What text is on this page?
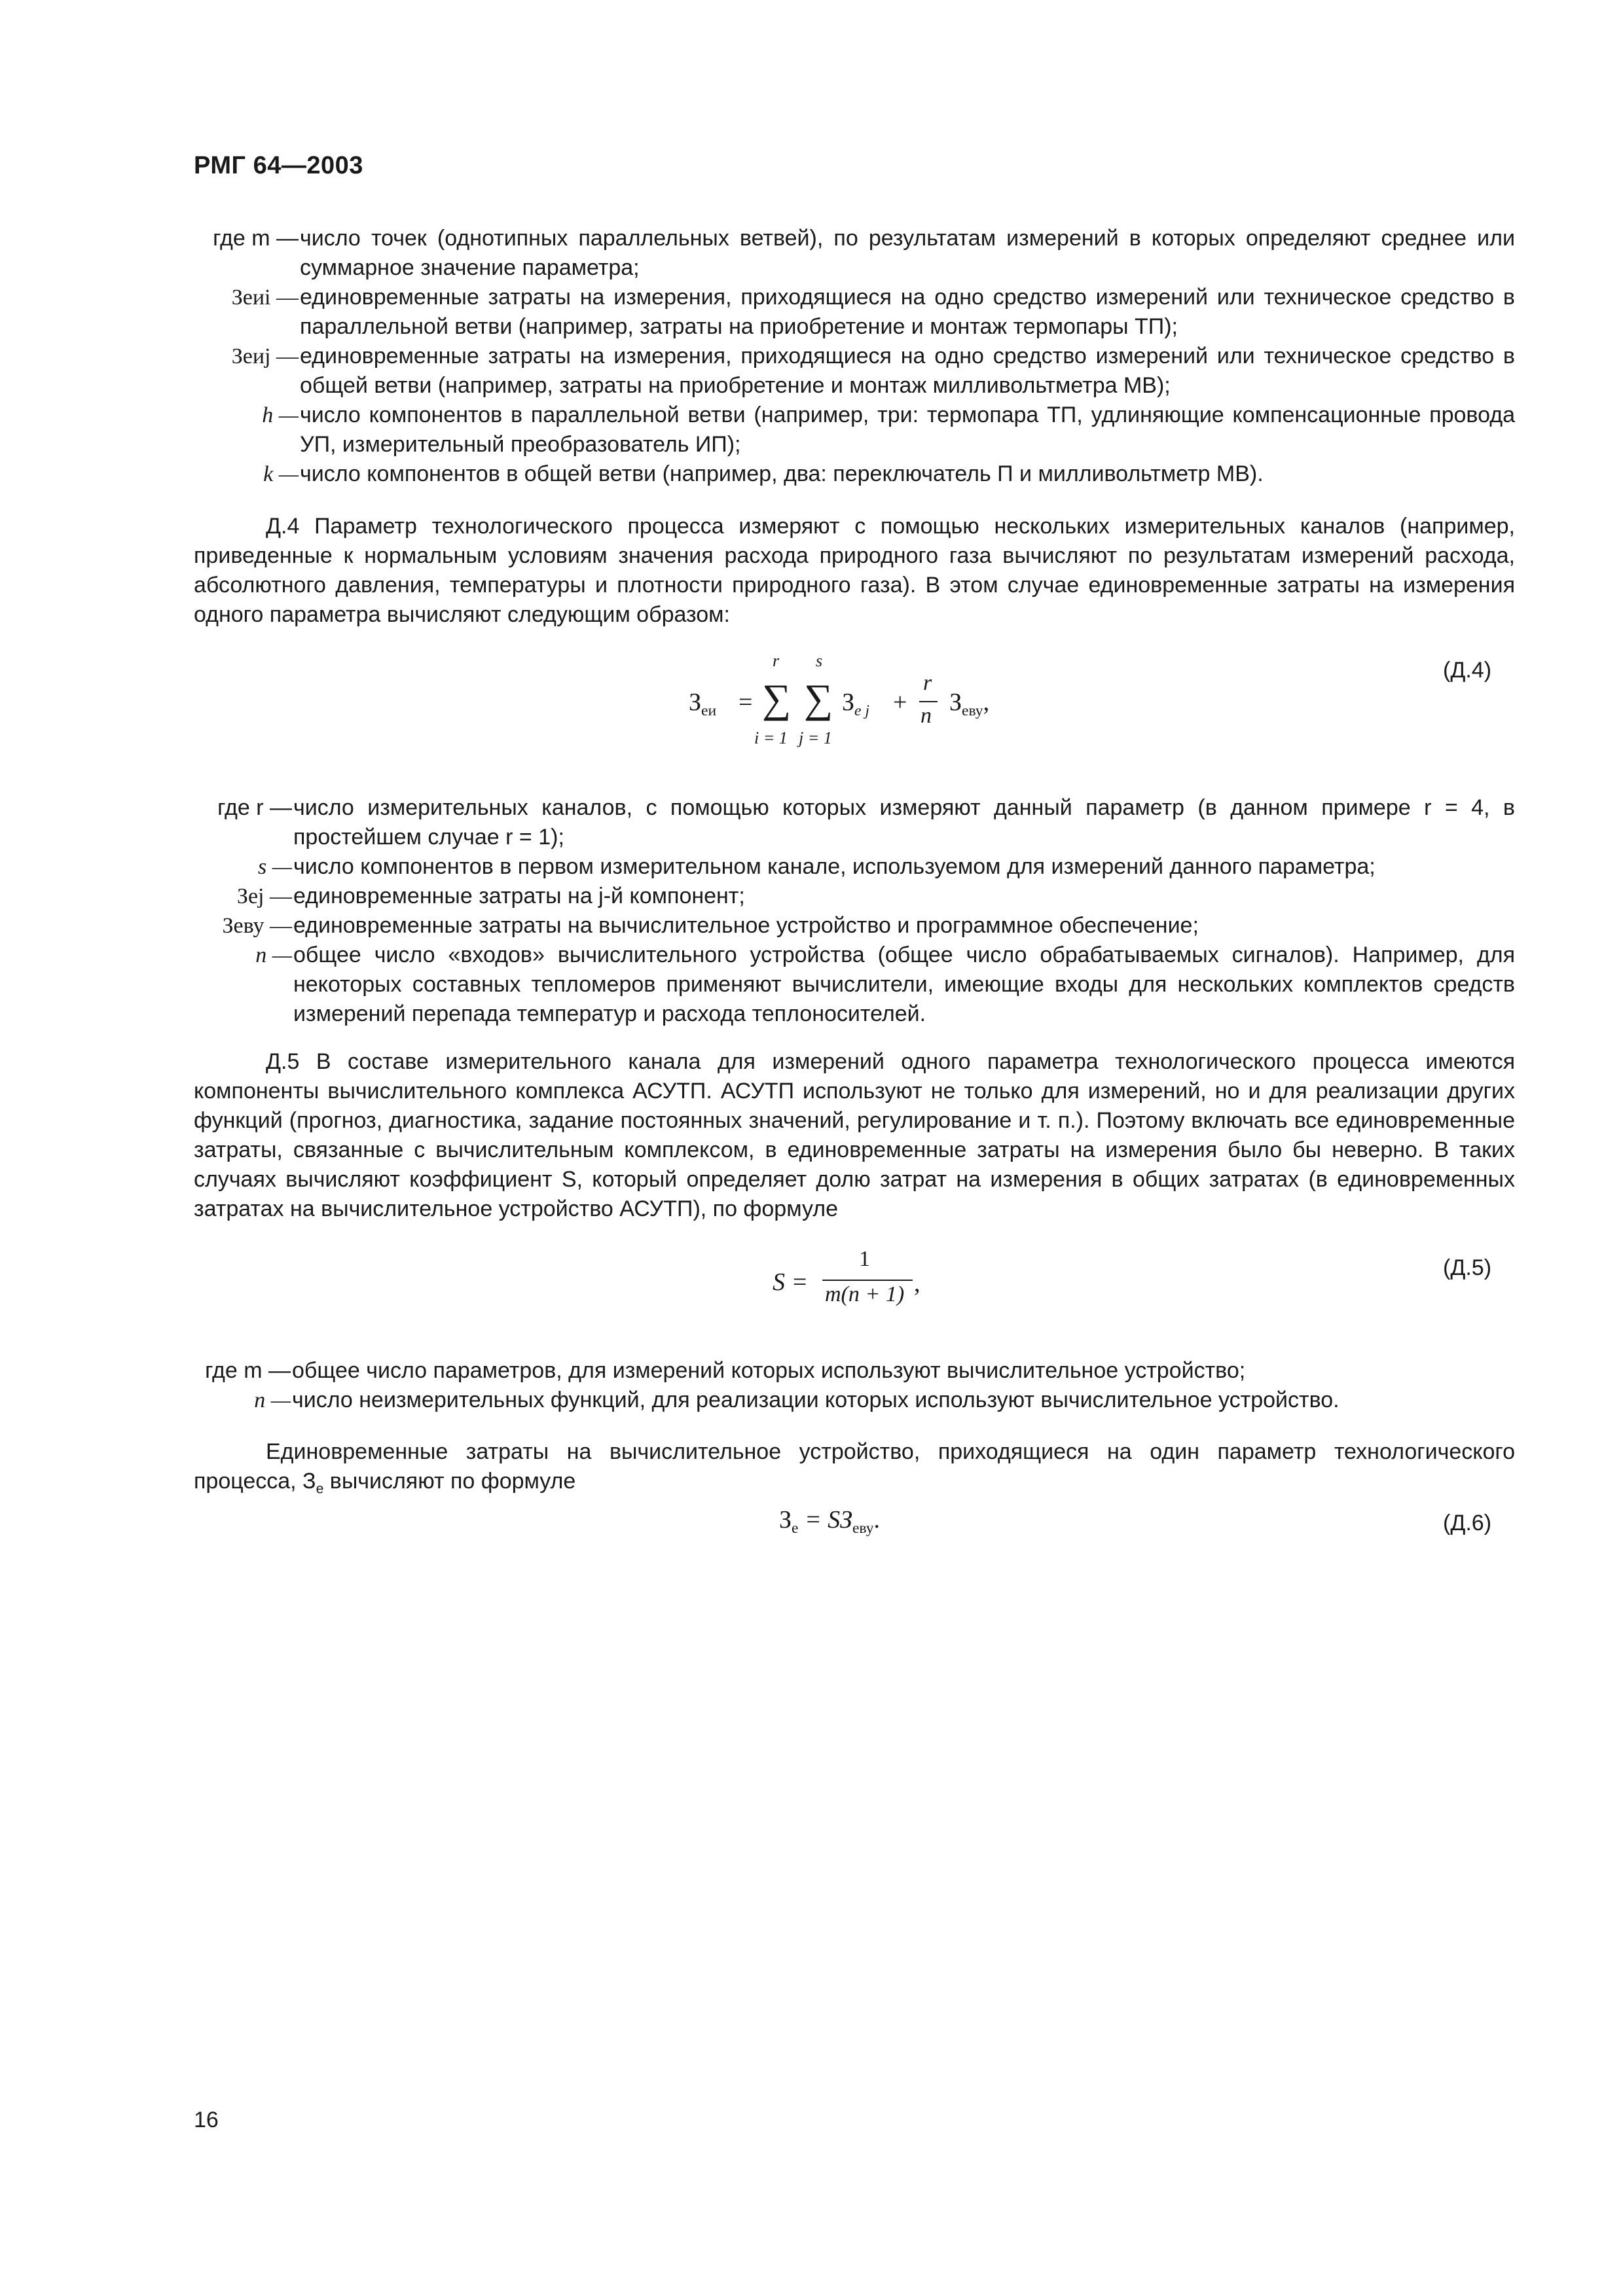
РМГ 64—2003
где m — число точек (однотипных параллельных ветвей), по результатам измерений в которых определяют среднее или суммарное значение параметра;
Зеиi — единовременные затраты на измерения, приходящиеся на одно средство измерений или техническое средство в параллельной ветви (например, затраты на приобретение и монтаж термопары ТП);
Зеиj — единовременные затраты на измерения, приходящиеся на одно средство измерений или техническое средство в общей ветви (например, затраты на приобретение и монтаж милливольтметра МВ);
h — число компонентов в параллельной ветви (например, три: термопара ТП, удлиняющие компенсационные провода УП, измерительный преобразователь ИП);
k — число компонентов в общей ветви (например, два: переключатель П и милливольтметр МВ).
Д.4 Параметр технологического процесса измеряют с помощью нескольких измерительных каналов (например, приведенные к нормальным условиям значения расхода природного газа вычисляют по результатам измерений расхода, абсолютного давления, температуры и плотности природного газа). В этом случае единовременные затраты на измерения одного параметра вычисляют следующим образом:
$З_{еи}$ = ∑
r
i = 1
∑
s
j = 1
$З_{е j}$ +
r
n $З_{еву}$,
(Д.4)
где r — число измерительных каналов, с помощью которых измеряют данный параметр (в данном примере r = 4, в простейшем случае r = 1);
s — число компонентов в первом измерительном канале, используемом для измерений данного параметра;
Зej — единовременные затраты на j-й компонент;
Зеву — единовременные затраты на вычислительное устройство и программное обеспечение;
n — общее число «входов» вычислительного устройства (общее число обрабатываемых сигналов). Например, для некоторых составных тепломеров применяют вычислители, имеющие входы для нескольких комплектов средств измерений перепада температур и расхода теплоносителей.
Д.5 В составе измерительного канала для измерений одного параметра технологического процесса имеются компоненты вычислительного комплекса АСУТП. АСУТП используют не только для измерений, но и для реализации других функций (прогноз, диагностика, задание постоянных значений, регулирование и т. п.). Поэтому включать все единовременные затраты, связанные с вычислительным комплексом, в единовременные затраты на измерения было бы неверно. В таких случаях вычисляют коэффициент S, который определяет долю затрат на измерения в общих затратах (в единовременных затратах на вычислительное устройство АСУТП), по формуле
S =
1
m(n + 1) ,
(Д.5)
где m — общее число параметров, для измерений которых используют вычислительное устройство;
n — число неизмерительных функций, для реализации которых используют вычислительное устройство.
Единовременные затраты на вычислительное устройство, приходящиеся на один параметр технологического процесса, $З_е$ вычисляют по формуле
$З_е = SЗ_{еву}$.	(Д.6)
16
